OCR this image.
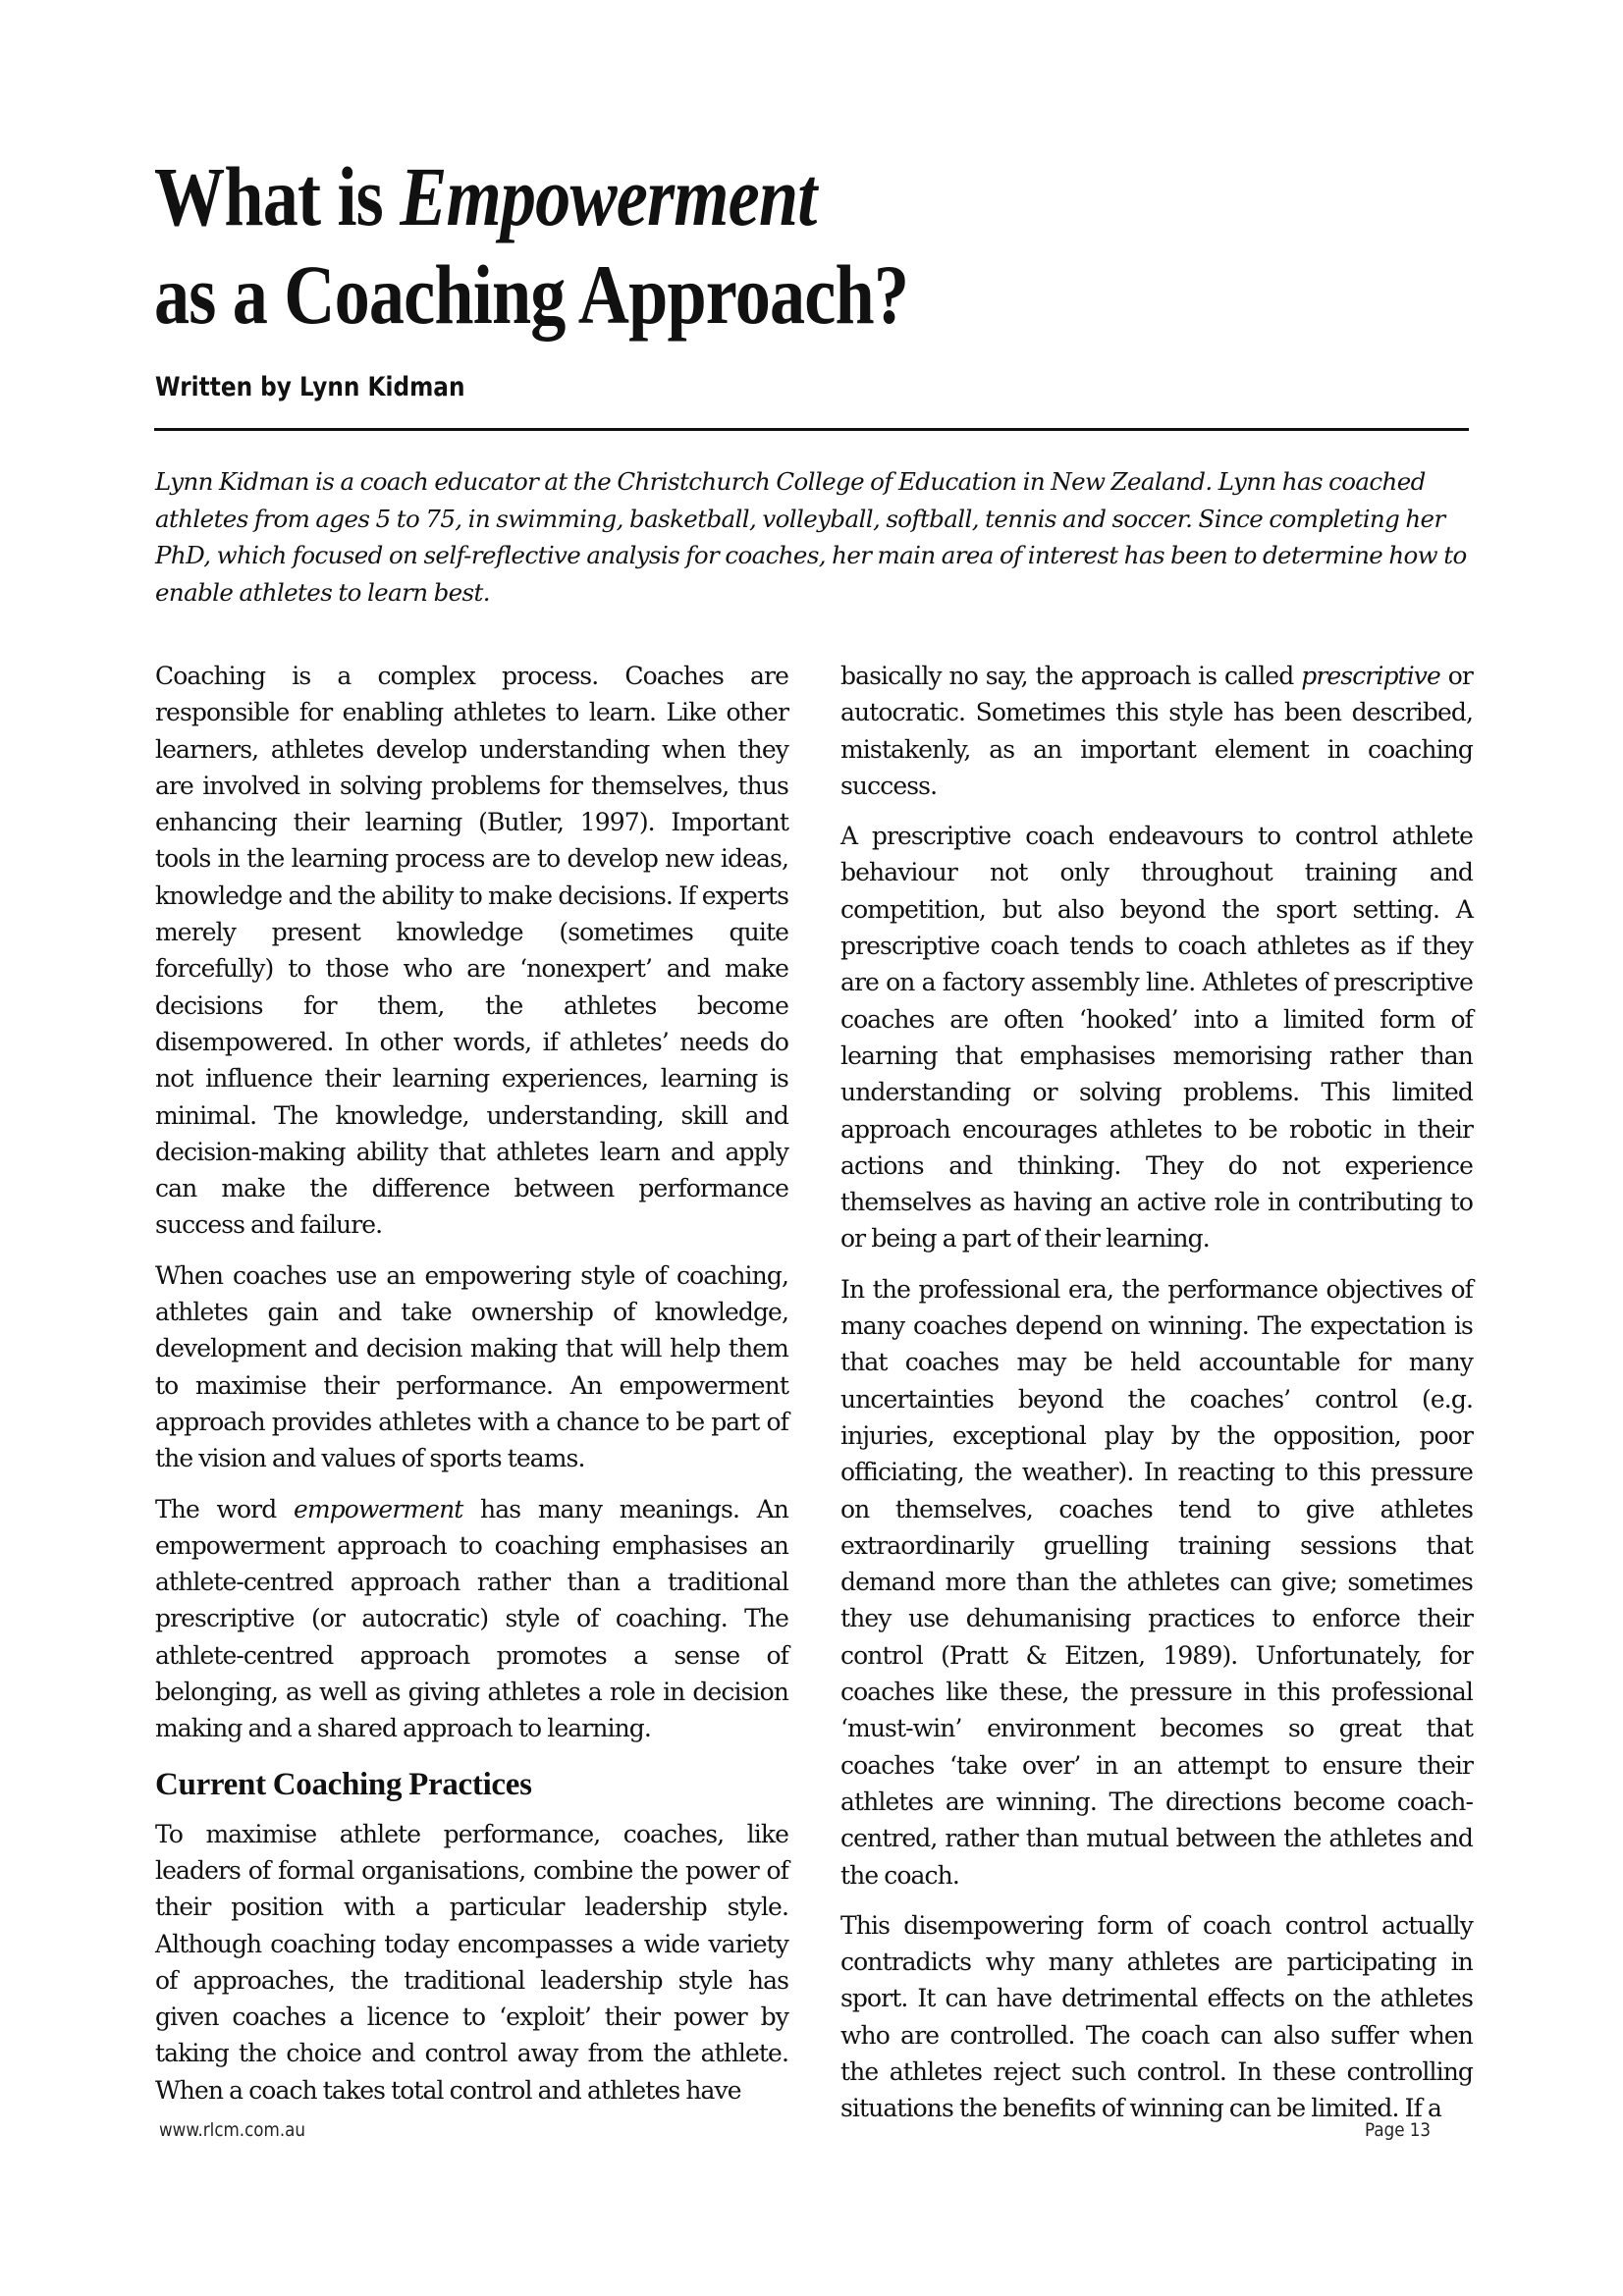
What is Empowerment
as a Coaching Approach?
Written by Lynn Kidman

Lynn Kidman is a coach educator at the Christchurch College of Education in New Zealand. Lynn has coached athletes from ages 5 to 75, in swimming, basketball, volleyball, softball, tennis and soccer. Since completing her PhD, which focused on self-reflective analysis for coaches, her main area of interest has been to determine how to enable athletes to learn best.

Coaching is a complex process. Coaches are responsible for enabling athletes to learn. Like other learners, athletes develop understanding when they are involved in solving problems for themselves, thus enhancing their learning (Butler, 1997). Important tools in the learning process are to develop new ideas, knowledge and the ability to make decisions. If experts merely present knowledge (sometimes quite forcefully) to those who are ‘nonexpert’ and make decisions for them, the athletes become disempowered. In other words, if athletes’ needs do not influence their learning experiences, learning is minimal. The knowledge, understanding, skill and decision-making ability that athletes learn and apply can make the difference between performance success and failure.

When coaches use an empowering style of coaching, athletes gain and take ownership of knowledge, development and decision making that will help them to maximise their performance. An empowerment approach provides athletes with a chance to be part of the vision and values of sports teams.

The word empowerment has many meanings. An empowerment approach to coaching emphasises an athlete-centred approach rather than a traditional prescriptive (or autocratic) style of coaching. The athlete-centred approach promotes a sense of belonging, as well as giving athletes a role in decision making and a shared approach to learning.

Current Coaching Practices

To maximise athlete performance, coaches, like leaders of formal organisations, combine the power of their position with a particular leadership style. Although coaching today encompasses a wide variety of approaches, the traditional leadership style has given coaches a licence to ‘exploit’ their power by taking the choice and control away from the athlete. When a coach takes total control and athletes have

basically no say, the approach is called prescriptive or autocratic. Sometimes this style has been described, mistakenly, as an important element in coaching success.

A prescriptive coach endeavours to control athlete behaviour not only throughout training and competition, but also beyond the sport setting. A prescriptive coach tends to coach athletes as if they are on a factory assembly line. Athletes of prescriptive coaches are often ‘hooked’ into a limited form of learning that emphasises memorising rather than understanding or solving problems. This limited approach encourages athletes to be robotic in their actions and thinking. They do not experience themselves as having an active role in contributing to or being a part of their learning.

In the professional era, the performance objectives of many coaches depend on winning. The expectation is that coaches may be held accountable for many uncertainties beyond the coaches’ control (e.g. injuries, exceptional play by the opposition, poor officiating, the weather). In reacting to this pressure on themselves, coaches tend to give athletes extraordinarily gruelling training sessions that demand more than the athletes can give; sometimes they use dehumanising practices to enforce their control (Pratt & Eitzen, 1989). Unfortunately, for coaches like these, the pressure in this professional ‘must-win’ environment becomes so great that coaches ‘take over’ in an attempt to ensure their athletes are winning. The directions become coach-centred, rather than mutual between the athletes and the coach.

This disempowering form of coach control actually contradicts why many athletes are participating in sport. It can have detrimental effects on the athletes who are controlled. The coach can also suffer when the athletes reject such control. In these controlling situations the benefits of winning can be limited. If a

www.rlcm.com.au	Page 13
